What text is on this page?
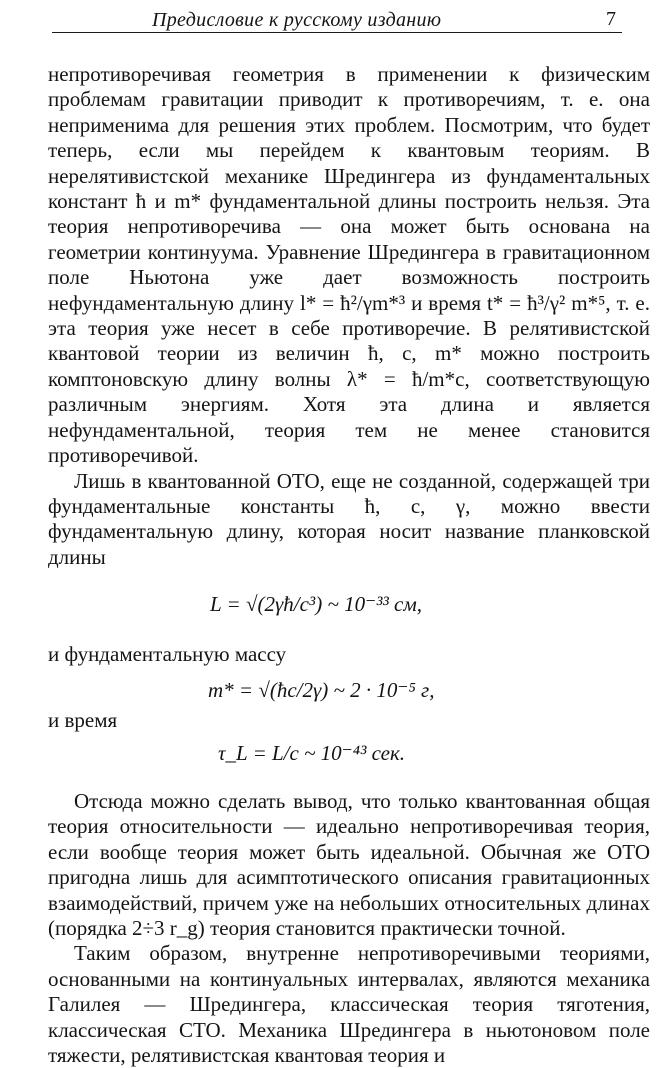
Предисловие к русскому изданию	7

непротиворечивая геометрия в применении к физическим проблемам гравитации приводит к противоречиям, т. е. она неприменима для решения этих проблем. Посмотрим, что будет теперь, если мы перейдем к квантовым теориям. В нерелятивистской механике Шредингера из фундаментальных констант ħ и m* фундаментальной длины построить нельзя. Эта теория непротиворечива — она может быть основана на геометрии континуума. Уравнение Шредингера в гравитационном поле Ньютона уже дает возможность построить нефундаментальную длину l* = ħ²/γm*³ и время t* = ħ³/γ² m*⁵, т. е. эта теория уже несет в себе противоречие. В релятивистской квантовой теории из величин ħ, c, m* можно построить комптоновскую длину волны λ* = ħ/m*c, соответствующую различным энергиям. Хотя эта длина и является нефундаментальной, теория тем не менее становится противоречивой.

Лишь в квантованной ОТО, еще не созданной, содержащей три фундаментальные константы ħ, c, γ, можно ввести фундаментальную длину, которая носит название планковской длины

L = √(2γħ/c³) ~ 10⁻³³ см,

и фундаментальную массу

m* = √(ħc/2γ) ~ 2 · 10⁻⁵ г,

и время

τ_L = L/c ~ 10⁻⁴³ сек.

Отсюда можно сделать вывод, что только квантованная общая теория относительности — идеально непротиворечивая теория, если вообще теория может быть идеальной. Обычная же ОТО пригодна лишь для асимптотического описания гравитационных взаимодействий, причем уже на небольших относительных длинах (порядка 2÷3 r_g) теория становится практически точной.

Таким образом, внутренне непротиворечивыми теориями, основанными на континуальных интервалах, являются механика Галилея — Шредингера, классическая теория тяготения, классическая СТО. Механика Шредингера в ньютоновом поле тяжести, релятивистская квантовая теория и
